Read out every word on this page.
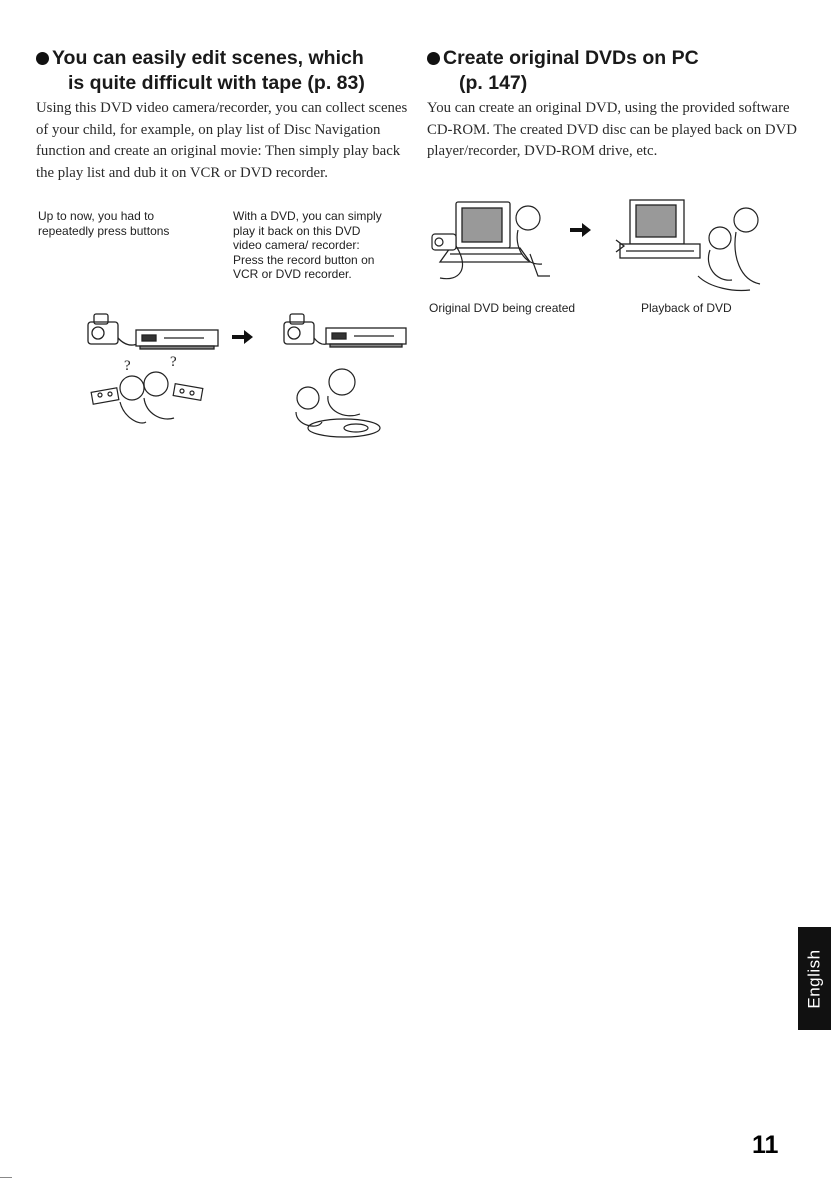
You can easily edit scenes, which
is quite difficult with tape (p. 83)

Using this DVD video camera/recorder, you can collect scenes of your child, for example, on play list of Disc Navigation function and create an original movie: Then simply play back the play list and dub it on VCR or DVD recorder.

Up to now, you had to repeatedly press buttons
With a DVD, you can simply play it back on this DVD video camera/ recorder: Press the record button on VCR or DVD recorder.
?	?
Create original DVDs on PC
(p. 147)

You can create an original DVD, using the provided software CD-ROM. The created DVD disc can be played back on DVD player/recorder, DVD-ROM drive, etc.

Original DVD being created	Playback of DVD
English
11
